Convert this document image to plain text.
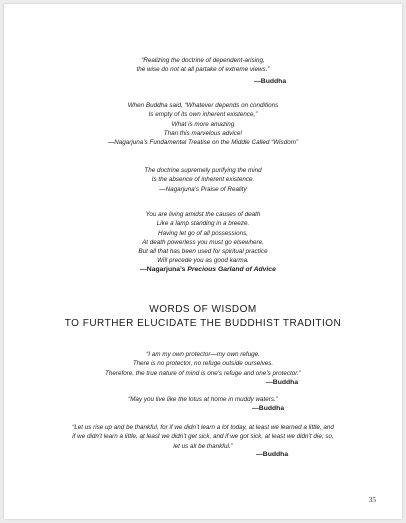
“Realizing the doctrine of dependent-arising,
the wise do not at all partake of extreme views.”
—Buddha
When Buddha said, “Whatever depends on conditions
Is empty of its own inherent existence,”
What is more amazing
Than this marvelous advice!
—Nagarjuna’s Fundamental Treatise on the Middle Called “Wisdom”
The doctrine supremely purifying the mind
Is the absence of inherent existence.
—Nagarjuna’s Praise of Reality
You are living amidst the causes of death
Like a lamp standing in a breeze.
Having let go of all possessions,
At death powerless you must go elsewhere,
But all that has been used for spiritual practice
Will precede you as good karma.
—Nagarjuna’s Precious Garland of Advice
WORDS OF WISDOM
TO FURTHER ELUCIDATE THE BUDDHIST TRADITION
“I am my own protector—my own refuge.
There is no protector, no refuge outside ourselves.
Therefore, the true nature of mind is one’s refuge and one’s protector.”
—Buddha
“May you live like the lotus at home in muddy waters.”
—Buddha
“Let us rise up and be thankful, for if we didn’t learn a lot today, at least we learned a little, and
if we didn’t learn a little, at least we didn’t get sick, and if we got sick, at least we didn’t die; so,
let us all be thankful.”
—Buddha
35
